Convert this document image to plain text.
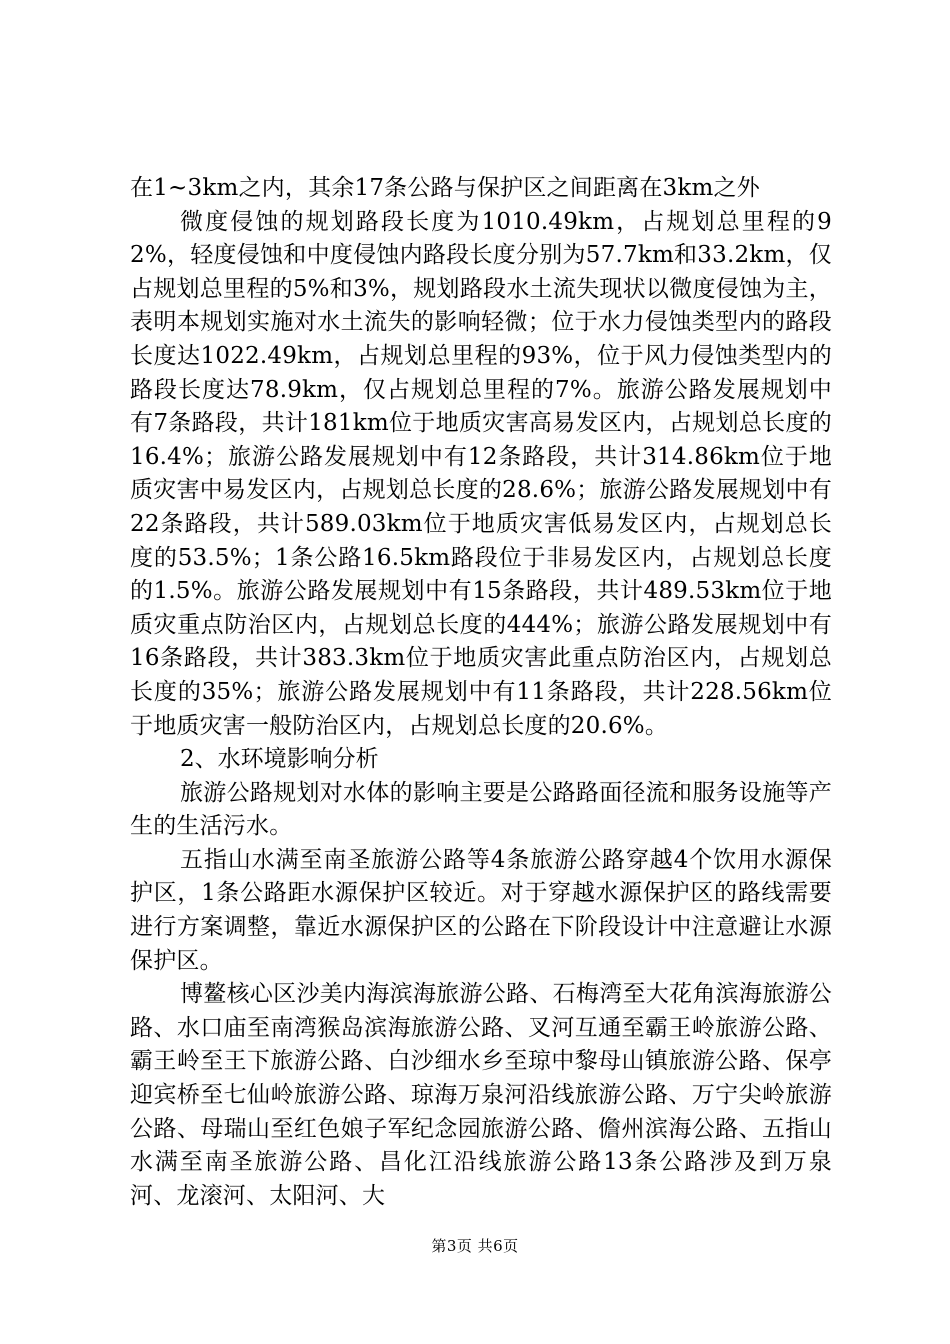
在1~3km之内，其余17条公路与保护区之间距离在3km之外

微度侵蚀的规划路段长度为1010.49km，占规划总里程的92%，轻度侵蚀和中度侵蚀内路段长度分别为57.7km和33.2km，仅占规划总里程的5%和3%，规划路段水土流失现状以微度侵蚀为主，表明本规划实施对水土流失的影响轻微；位于水力侵蚀类型内的路段长度达1022.49km，占规划总里程的93%，位于风力侵蚀类型内的路段长度达78.9km，仅占规划总里程的7%。旅游公路发展规划中有7条路段，共计181km位于地质灾害高易发区内，占规划总长度的16.4%；旅游公路发展规划中有12条路段，共计314.86km位于地质灾害中易发区内，占规划总长度的28.6%；旅游公路发展规划中有22条路段，共计589.03km位于地质灾害低易发区内，占规划总长度的53.5%；1条公路16.5km路段位于非易发区内，占规划总长度的1.5%。旅游公路发展规划中有15条路段，共计489.53km位于地质灾重点防治区内，占规划总长度的444%；旅游公路发展规划中有16条路段，共计383.3km位于地质灾害此重点防治区内，占规划总长度的35%；旅游公路发展规划中有11条路段，共计228.56km位于地质灾害一般防治区内，占规划总长度的20.6%。

2、水环境影响分析

旅游公路规划对水体的影响主要是公路路面径流和服务设施等产生的生活污水。

五指山水满至南圣旅游公路等4条旅游公路穿越4个饮用水源保护区，1条公路距水源保护区较近。对于穿越水源保护区的路线需要进行方案调整，靠近水源保护区的公路在下阶段设计中注意避让水源保护区。

博鳌核心区沙美内海滨海旅游公路、石梅湾至大花角滨海旅游公路、水口庙至南湾猴岛滨海旅游公路、叉河互通至霸王岭旅游公路、霸王岭至王下旅游公路、白沙细水乡至琼中黎母山镇旅游公路、保亭迎宾桥至七仙岭旅游公路、琼海万泉河沿线旅游公路、万宁尖岭旅游公路、母瑞山至红色娘子军纪念园旅游公路、儋州滨海公路、五指山水满至南圣旅游公路、昌化江沿线旅游公路13条公路涉及到万泉河、龙滚河、太阳河、大

第3页 共6页
